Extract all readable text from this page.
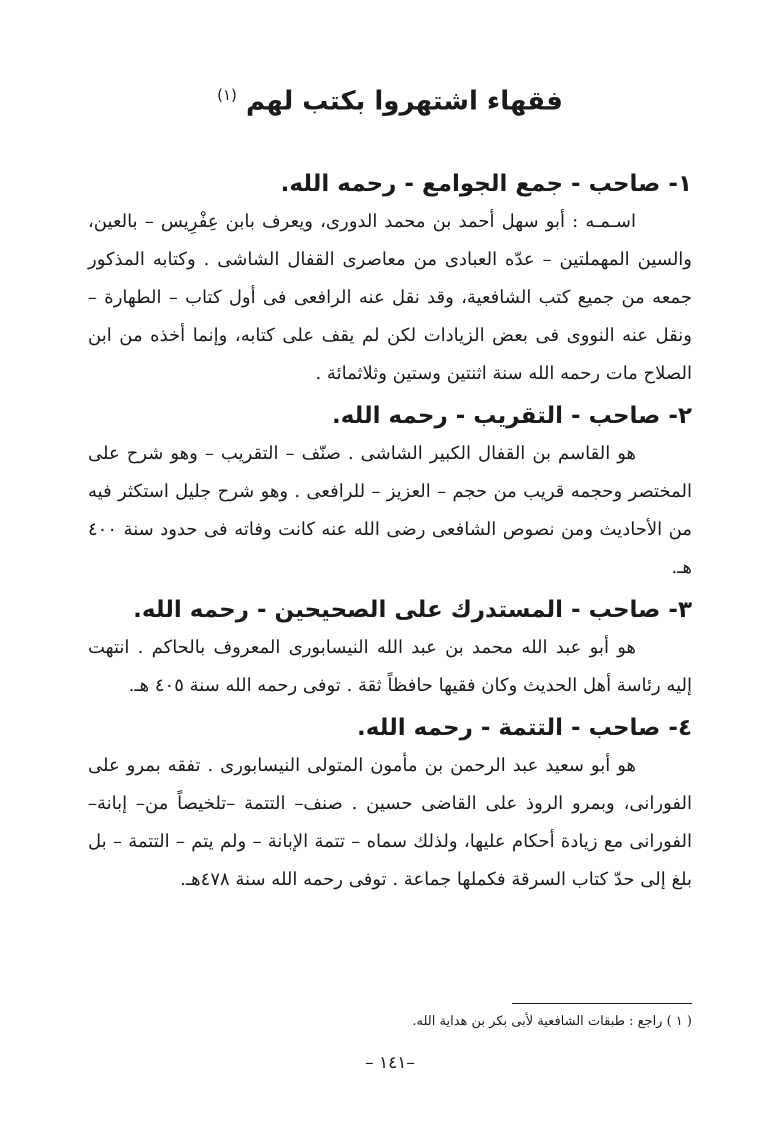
فقهاء اشتهروا بكتب لهم $^{(١)}$
١- صاحب - جمع الجوامع - رحمه الله.

اسـمـه : أبو سهل أحمد بن محمد الدورى، ويعرف بابن عِفْرِيس – بالعين، والسين المهملتين – عدّه العبادى من معاصرى القفال الشاشى . وكتابه المذكور جمعه من جميع كتب الشافعية، وقد نقل عنه الرافعى فى أول كتاب – الطهارة – ونقل عنه النووى فى بعض الزيادات لكن لم يقف على كتابه، وإنما أخذه من ابن الصلاح مات رحمه الله سنة اثنتين وستين وثلاثمائة .

٢- صاحب - التقريب - رحمه الله.

هو القاسم بن القفال الكبير الشاشى . صنّف – التقريب – وهو شرح على المختصر وحجمه قريب من حجم – العزيز – للرافعى . وهو شرح جليل استكثر فيه من الأحاديث ومن نصوص الشافعى رضى الله عنه كانت وفاته فى حدود سنة ٤٠٠ هـ.

٣- صاحب - المستدرك على الصحيحين - رحمه الله.

هو أبو عبد الله محمد بن عبد الله النيسابورى المعروف بالحاكم . انتهت إليه رئاسة أهل الحديث وكان فقيها حافظاً ثقة . توفى رحمه الله سنة ٤٠٥ هـ.

٤- صاحب - التتمة - رحمه الله.

هو أبو سعيد عبد الرحمن بن مأمون المتولى النيسابورى . تفقه بمرو على الفورانى، وبمرو الروذ على القاضى حسين . صنف– التتمة –تلخيصاً من– إبانة– الفورانى مع زيادة أحكام عليها، ولذلك سماه – تتمة الإبانة – ولم يتم – التتمة – بل بلغ إلى حدّ كتاب السرقة فكملها جماعة . توفى رحمه الله سنة ٤٧٨هـ.

( ١ ) راجع : طبقات الشافعية لأبى بكر بن هداية الله.
–١٤١ –
